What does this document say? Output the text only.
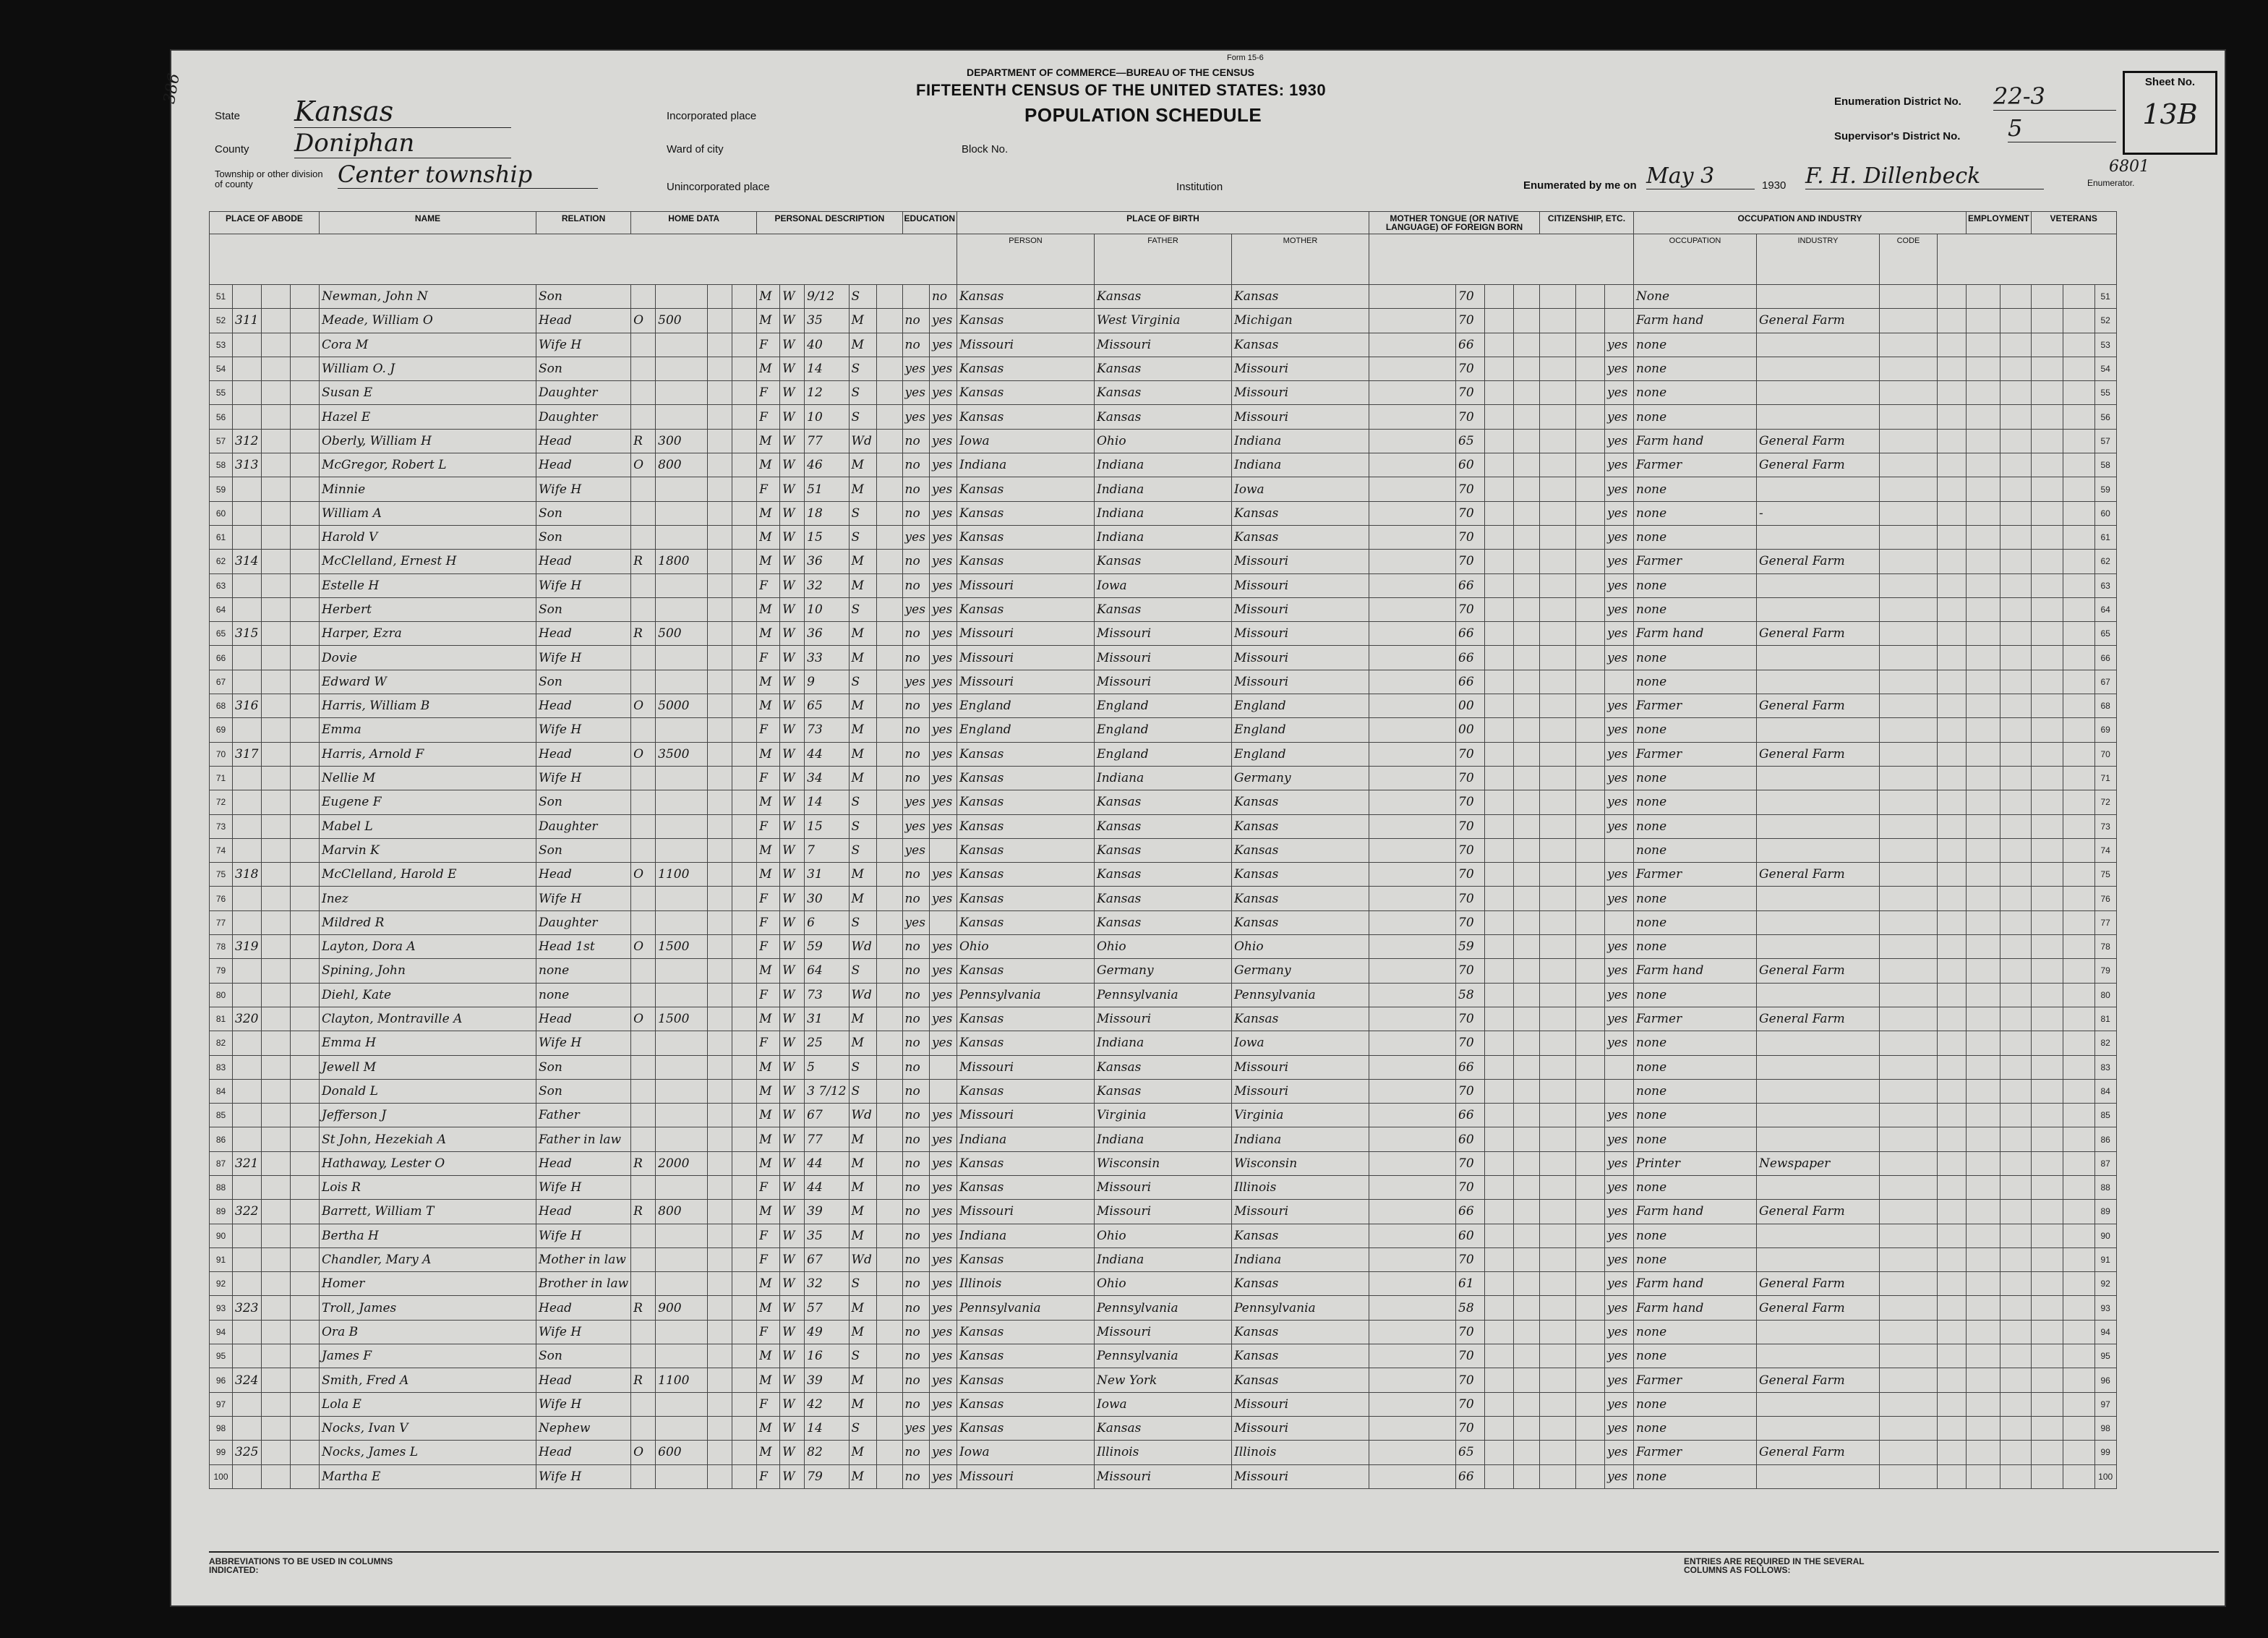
Form 15-6
DEPARTMENT OF COMMERCE—BUREAU OF THE CENSUS
FIFTEENTH CENSUS OF THE UNITED STATES: 1930
POPULATION SCHEDULE
State Kansas
County Doniphan
Township or other division of county	Center township
Incorporated place
Ward of city	Block No.
Unincorporated place	Institution
Enumeration District No. 22-3
Supervisor's District No. 5
Enumerated by me on May 3	1930 F. H. Dillenbeck	Enumerator.
6801
386	Sheet No.
13B
PLACE OF ABODE				NAME	RELATION	HOME DATA				PERSONAL DESCRIPTION					EDUCATION		PLACE OF BIRTH			MOTHER TONGUE (OR NATIVE LANGUAGE) OF FOREIGN BORN				CITIZENSHIP, ETC.			OCCUPATION AND INDUSTRY				EMPLOYMENT		VETERANS		
																	PERSON	FATHER	MOTHER								OCCUPATION	INDUSTRY	CODE						
51				Newman, John N	Son					M	W	9/12	S			no	Kansas	Kansas	Kansas		70						None								51
52	311			Meade, William O	Head	O	500			M	W	35	M		no	yes	Kansas	West Virginia	Michigan		70						Farm hand	General Farm							52
53				Cora M	Wife H					F	W	40	M		no	yes	Missouri	Missouri	Kansas		66					yes	none								53
54				William O. J	Son					M	W	14	S		yes	yes	Kansas	Kansas	Missouri		70					yes	none								54
55				Susan E	Daughter					F	W	12	S		yes	yes	Kansas	Kansas	Missouri		70					yes	none								55
56				Hazel E	Daughter					F	W	10	S		yes	yes	Kansas	Kansas	Missouri		70					yes	none								56
57	312			Oberly, William H	Head	R	300			M	W	77	Wd		no	yes	Iowa	Ohio	Indiana		65					yes	Farm hand	General Farm							57
58	313			McGregor, Robert L	Head	O	800			M	W	46	M		no	yes	Indiana	Indiana	Indiana		60					yes	Farmer	General Farm							58
59				Minnie	Wife H					F	W	51	M		no	yes	Kansas	Indiana	Iowa		70					yes	none								59
60				William A	Son					M	W	18	S		no	yes	Kansas	Indiana	Kansas		70					yes	none	-							60
61				Harold V	Son					M	W	15	S		yes	yes	Kansas	Indiana	Kansas		70					yes	none								61
62	314			McClelland, Ernest H	Head	R	1800			M	W	36	M		no	yes	Kansas	Kansas	Missouri		70					yes	Farmer	General Farm							62
63				Estelle H	Wife H					F	W	32	M		no	yes	Missouri	Iowa	Missouri		66					yes	none								63
64				Herbert	Son					M	W	10	S		yes	yes	Kansas	Kansas	Missouri		70					yes	none								64
65	315			Harper, Ezra	Head	R	500			M	W	36	M		no	yes	Missouri	Missouri	Missouri		66					yes	Farm hand	General Farm							65
66				Dovie	Wife H					F	W	33	M		no	yes	Missouri	Missouri	Missouri		66					yes	none								66
67				Edward W	Son					M	W	9	S		yes	yes	Missouri	Missouri	Missouri		66						none								67
68	316			Harris, William B	Head	O	5000			M	W	65	M		no	yes	England	England	England		00					yes	Farmer	General Farm							68
69				Emma	Wife H					F	W	73	M		no	yes	England	England	England		00					yes	none								69
70	317			Harris, Arnold F	Head	O	3500			M	W	44	M		no	yes	Kansas	England	England		70					yes	Farmer	General Farm							70
71				Nellie M	Wife H					F	W	34	M		no	yes	Kansas	Indiana	Germany		70					yes	none								71
72				Eugene F	Son					M	W	14	S		yes	yes	Kansas	Kansas	Kansas		70					yes	none								72
73				Mabel L	Daughter					F	W	15	S		yes	yes	Kansas	Kansas	Kansas		70					yes	none								73
74				Marvin K	Son					M	W	7	S		yes		Kansas	Kansas	Kansas		70						none								74
75	318			McClelland, Harold E	Head	O	1100			M	W	31	M		no	yes	Kansas	Kansas	Kansas		70					yes	Farmer	General Farm							75
76				Inez	Wife H					F	W	30	M		no	yes	Kansas	Kansas	Kansas		70					yes	none								76
77				Mildred R	Daughter					F	W	6	S		yes		Kansas	Kansas	Kansas		70						none								77
78	319			Layton, Dora A	Head 1st	O	1500			F	W	59	Wd		no	yes	Ohio	Ohio	Ohio		59					yes	none								78
79				Spining, John	none					M	W	64	S		no	yes	Kansas	Germany	Germany		70					yes	Farm hand	General Farm							79
80				Diehl, Kate	none					F	W	73	Wd		no	yes	Pennsylvania	Pennsylvania	Pennsylvania		58					yes	none								80
81	320			Clayton, Montraville A	Head	O	1500			M	W	31	M		no	yes	Kansas	Missouri	Kansas		70					yes	Farmer	General Farm							81
82				Emma H	Wife H					F	W	25	M		no	yes	Kansas	Indiana	Iowa		70					yes	none								82
83				Jewell M	Son					M	W	5	S		no		Missouri	Kansas	Missouri		66						none								83
84				Donald L	Son					M	W	3 7/12	S		no		Kansas	Kansas	Missouri		70						none								84
85				Jefferson J	Father					M	W	67	Wd		no	yes	Missouri	Virginia	Virginia		66					yes	none								85
86				St John, Hezekiah A	Father in law					M	W	77	M		no	yes	Indiana	Indiana	Indiana		60					yes	none								86
87	321			Hathaway, Lester O	Head	R	2000			M	W	44	M		no	yes	Kansas	Wisconsin	Wisconsin		70					yes	Printer	Newspaper							87
88				Lois R	Wife H					F	W	44	M		no	yes	Kansas	Missouri	Illinois		70					yes	none								88
89	322			Barrett, William T	Head	R	800			M	W	39	M		no	yes	Missouri	Missouri	Missouri		66					yes	Farm hand	General Farm							89
90				Bertha H	Wife H					F	W	35	M		no	yes	Indiana	Ohio	Kansas		60					yes	none								90
91				Chandler, Mary A	Mother in law					F	W	67	Wd		no	yes	Kansas	Indiana	Indiana		70					yes	none								91
92				Homer	Brother in law					M	W	32	S		no	yes	Illinois	Ohio	Kansas		61					yes	Farm hand	General Farm							92
93	323			Troll, James	Head	R	900			M	W	57	M		no	yes	Pennsylvania	Pennsylvania	Pennsylvania		58					yes	Farm hand	General Farm							93
94				Ora B	Wife H					F	W	49	M		no	yes	Kansas	Missouri	Kansas		70					yes	none								94
95				James F	Son					M	W	16	S		no	yes	Kansas	Pennsylvania	Kansas		70					yes	none								95
96	324			Smith, Fred A	Head	R	1100			M	W	39	M		no	yes	Kansas	New York	Kansas		70					yes	Farmer	General Farm							96
97				Lola E	Wife H					F	W	42	M		no	yes	Kansas	Iowa	Missouri		70					yes	none								97
98				Nocks, Ivan V	Nephew					M	W	14	S		yes	yes	Kansas	Kansas	Missouri		70					yes	none								98
99	325			Nocks, James L	Head	O	600			M	W	82	M		no	yes	Iowa	Illinois	Illinois		65					yes	Farmer	General Farm							99
100				Martha E	Wife H					F	W	79	M		no	yes	Missouri	Missouri	Missouri		66					yes	none								100
ABBREVIATIONS TO BE USED IN COLUMNS INDICATED:
ENTRIES ARE REQUIRED IN THE SEVERAL COLUMNS AS FOLLOWS:
